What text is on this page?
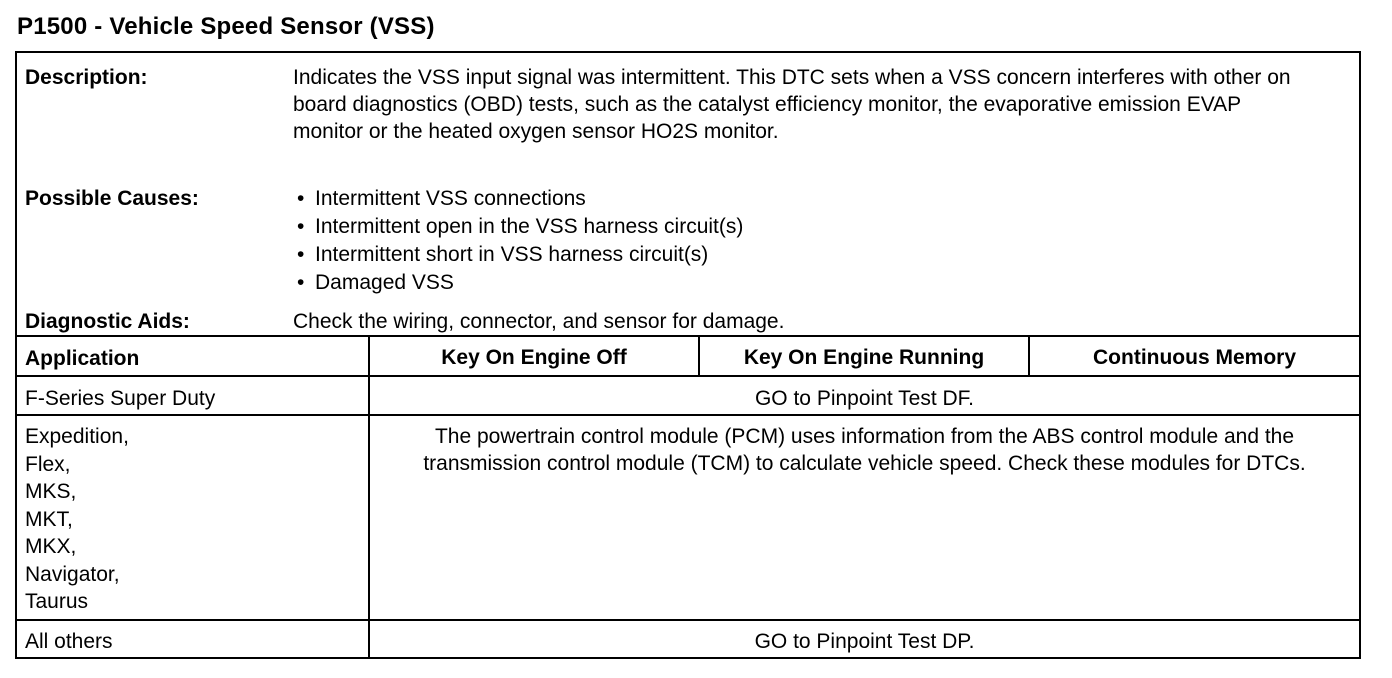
P1500 - Vehicle Speed Sensor (VSS)
Description:	Indicates the VSS input signal was intermittent. This DTC sets when a VSS concern interferes with other on board diagnostics (OBD) tests, such as the catalyst efficiency monitor, the evaporative emission EVAP monitor or the heated oxygen sensor HO2S monitor.
Possible Causes:
•	Intermittent VSS connections
• Intermittent open in the VSS harness circuit(s)
• Intermittent short in VSS harness circuit(s)
• Damaged VSS
Diagnostic Aids:	Check the wiring, connector, and sensor for damage.
Application	Key On Engine Off	Key On Engine Running	Continuous Memory
F-Series Super Duty	GO to Pinpoint Test DF.
Expedition,
Flex,
MKS,
MKT,
MKX,
Navigator,
Taurus
The powertrain control module (PCM) uses information from the ABS control module and the transmission control module (TCM) to calculate vehicle speed. Check these modules for DTCs.
All others	GO to Pinpoint Test DP.
